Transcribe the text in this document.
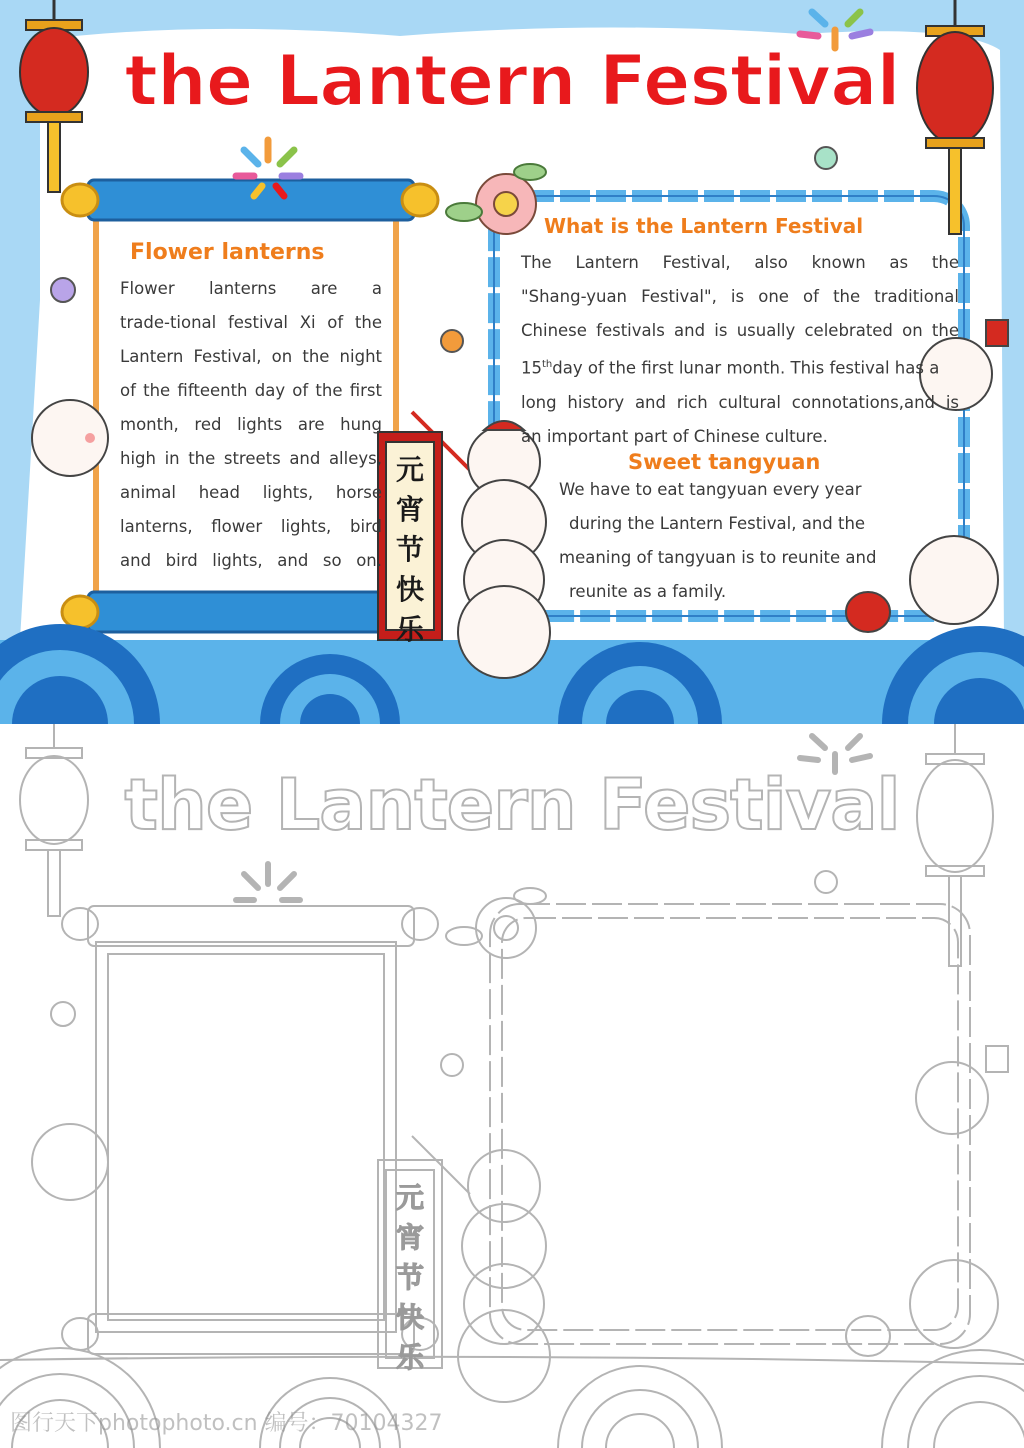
the Lantern Festival
Flower lanterns
Flower lanterns are a
trade-tional festival Xi of the
Lantern Festival, on the night
of the fifteenth day of the first
month, red lights are hung
high in the streets and alleys,
animal head lights, horse
lanterns, flower lights, bird
and bird lights, and so on.
What is the Lantern Festival
The Lantern Festival, also known as the
"Shang-yuan Festival", is one of the traditional
Chinese festivals and is usually celebrated on the
15thday of the first lunar month. This festival has a
long history and rich cultural connotations,and is
an important part of Chinese culture.
Sweet tangyuan
We have to eat tangyuan every year
during the Lantern Festival, and the
meaning of tangyuan is to reunite and
reunite as a family.
元
宵
节
快
乐
the Lantern Festival
元
宵
节
快
乐
图行天下photophoto.cn 编号：70104327
